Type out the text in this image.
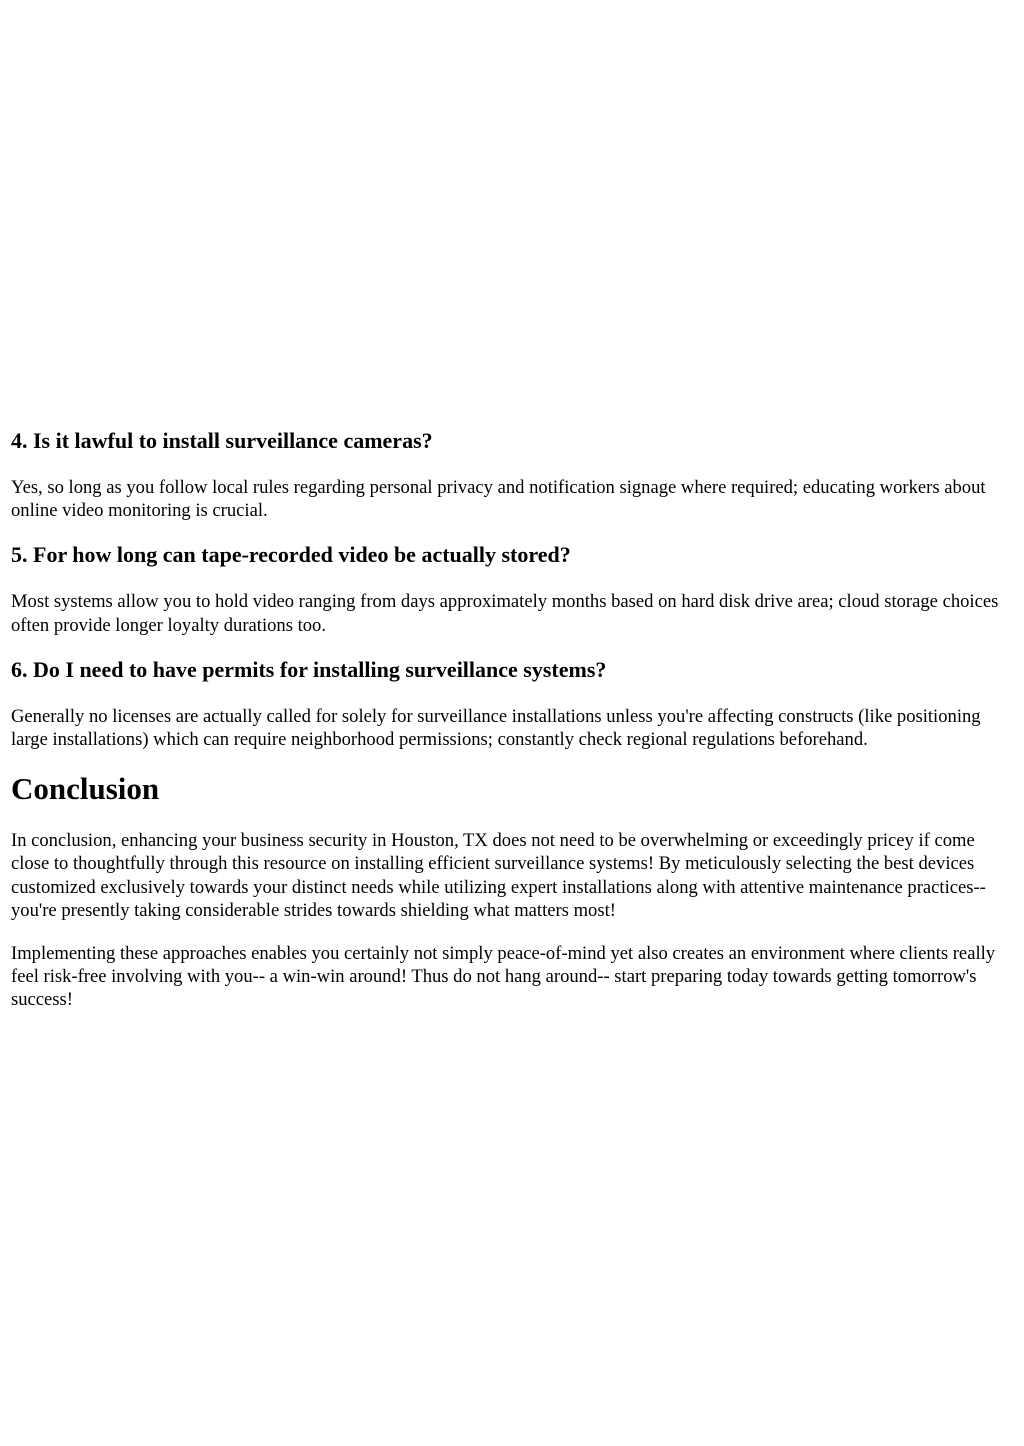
4. Is it lawful to install surveillance cameras?

Yes, so long as you follow local rules regarding personal privacy and notification signage where required; educating workers about online video monitoring is crucial.

5. For how long can tape-recorded video be actually stored?

Most systems allow you to hold video ranging from days approximately months based on hard disk drive area; cloud storage choices often provide longer loyalty durations too.

6. Do I need to have permits for installing surveillance systems?

Generally no licenses are actually called for solely for surveillance installations unless you're affecting constructs (like positioning large installations) which can require neighborhood permissions; constantly check regional regulations beforehand.

Conclusion

In conclusion, enhancing your business security in Houston, TX does not need to be overwhelming or exceedingly pricey if come close to thoughtfully through this resource on installing efficient surveillance systems! By meticulously selecting the best devices customized exclusively towards your distinct needs while utilizing expert installations along with attentive maintenance practices-- you're presently taking considerable strides towards shielding what matters most!

Implementing these approaches enables you certainly not simply peace-of-mind yet also creates an environment where clients really feel risk-free involving with you-- a win-win around! Thus do not hang around-- start preparing today towards getting tomorrow's success!
